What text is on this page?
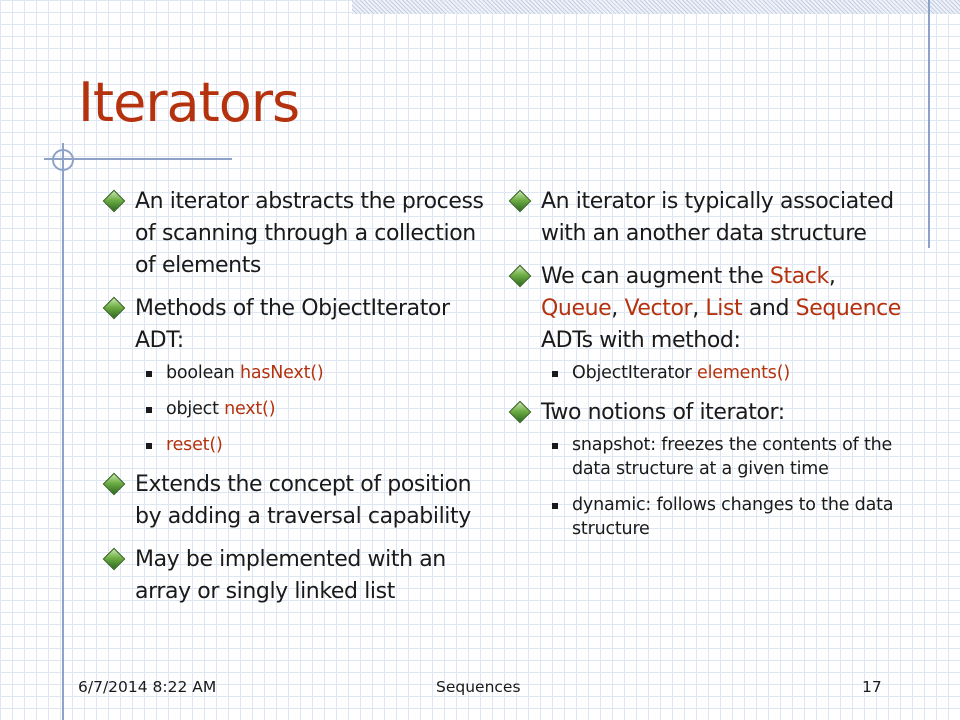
Iterators
An iterator abstracts the process of scanning through a collection of elements
Methods of the ObjectIterator ADT:
boolean hasNext()
object next()
reset()
Extends the concept of position by adding a traversal capability
May be implemented with an array or singly linked list
An iterator is typically associated with an another data structure
We can augment the Stack, Queue, Vector, List and Sequence ADTs with method:
ObjectIterator elements()
Two notions of iterator:
snapshot: freezes the contents of the data structure at a given time
dynamic: follows changes to the data structure
6/7/2014 8:22 AM	Sequences	17
